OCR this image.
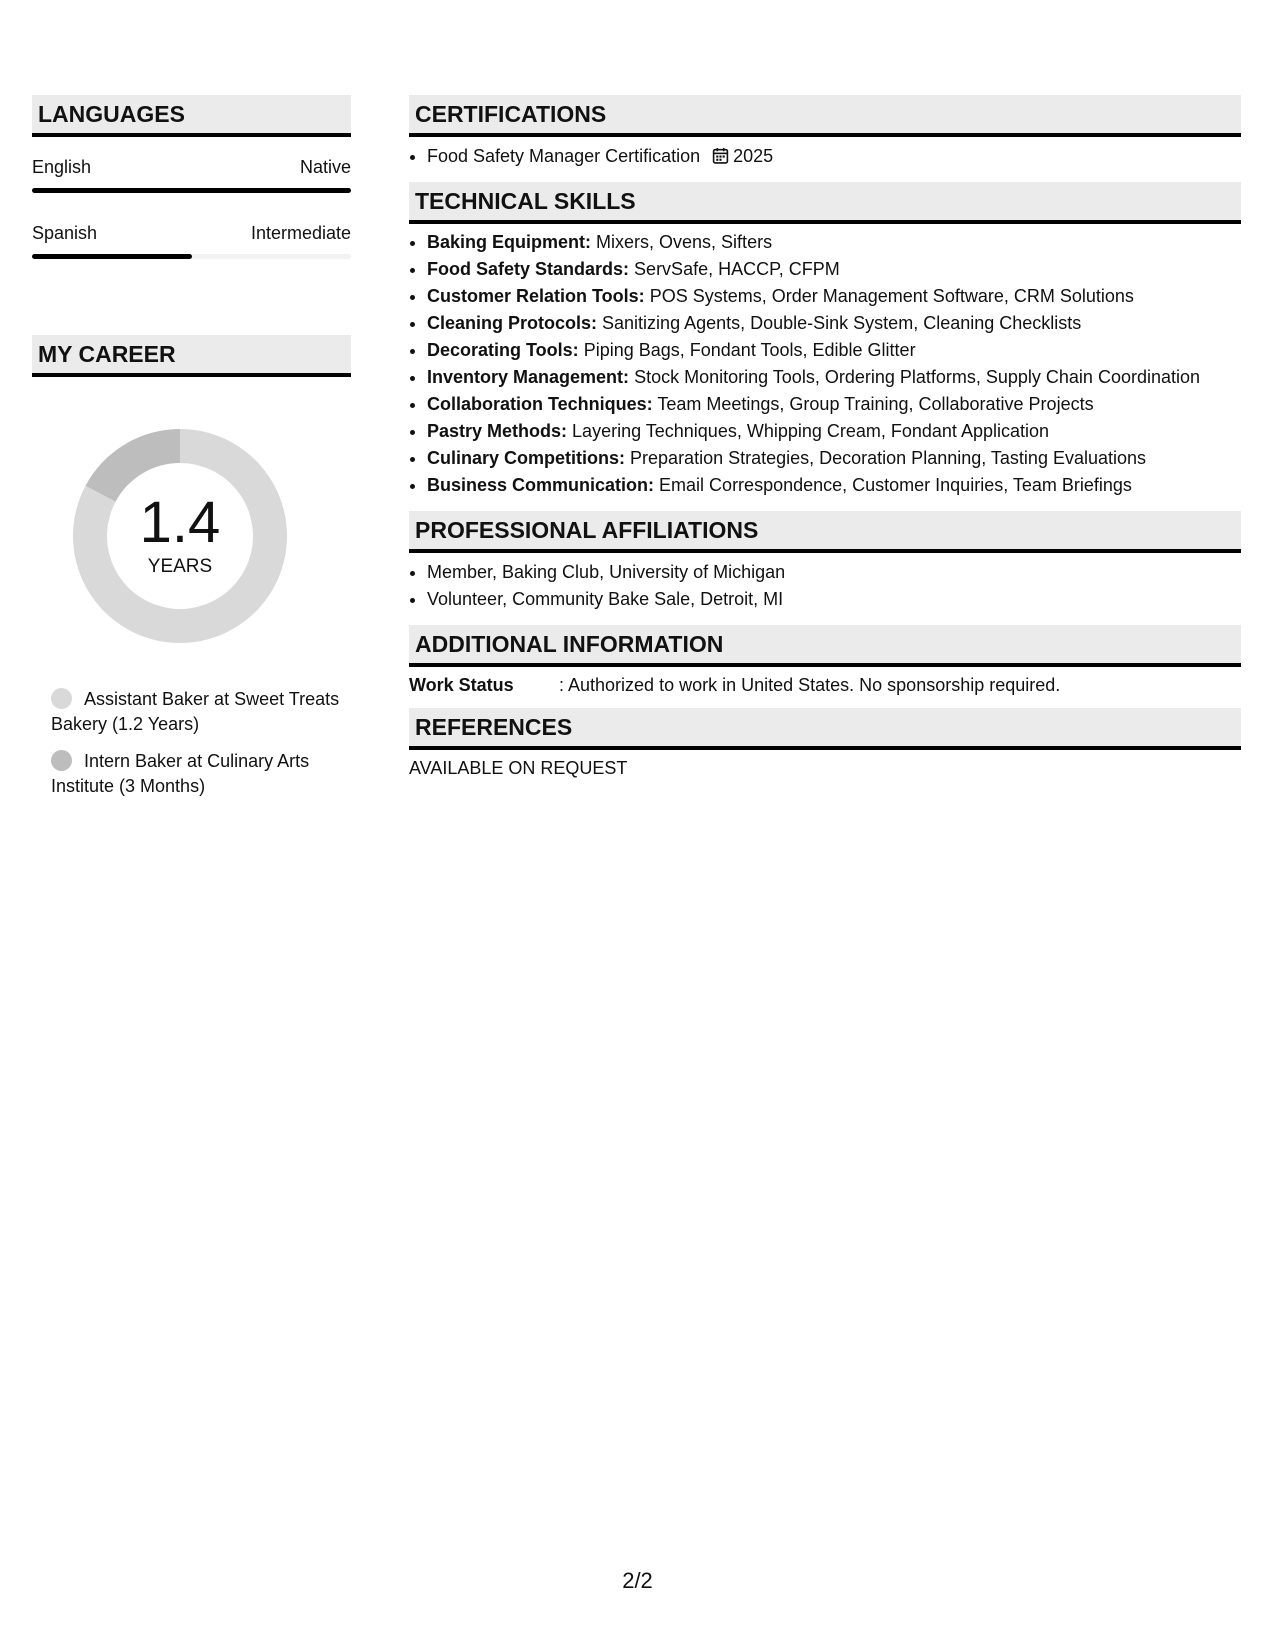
LANGUAGES
English	Native
Spanish	Intermediate
MY CAREER
1.4
YEARS
Assistant Baker at Sweet Treats Bakery (1.2 Years)
Intern Baker at Culinary Arts Institute (3 Months)
CERTIFICATIONS
• Food Safety Manager Certification 2025
TECHNICAL SKILLS
• Baking Equipment: Mixers, Ovens, Sifters
• Food Safety Standards: ServSafe, HACCP, CFPM
• Customer Relation Tools: POS Systems, Order Management Software, CRM Solutions
• Cleaning Protocols: Sanitizing Agents, Double-Sink System, Cleaning Checklists
• Decorating Tools: Piping Bags, Fondant Tools, Edible Glitter
• Inventory Management: Stock Monitoring Tools, Ordering Platforms, Supply Chain Coordination
• Collaboration Techniques: Team Meetings, Group Training, Collaborative Projects
• Pastry Methods: Layering Techniques, Whipping Cream, Fondant Application
• Culinary Competitions: Preparation Strategies, Decoration Planning, Tasting Evaluations
• Business Communication: Email Correspondence, Customer Inquiries, Team Briefings
PROFESSIONAL AFFILIATIONS
• Member, Baking Club, University of Michigan
• Volunteer, Community Bake Sale, Detroit, MI
ADDITIONAL INFORMATION
Work Status	: Authorized to work in United States. No sponsorship required.
REFERENCES
AVAILABLE ON REQUEST
2/2
